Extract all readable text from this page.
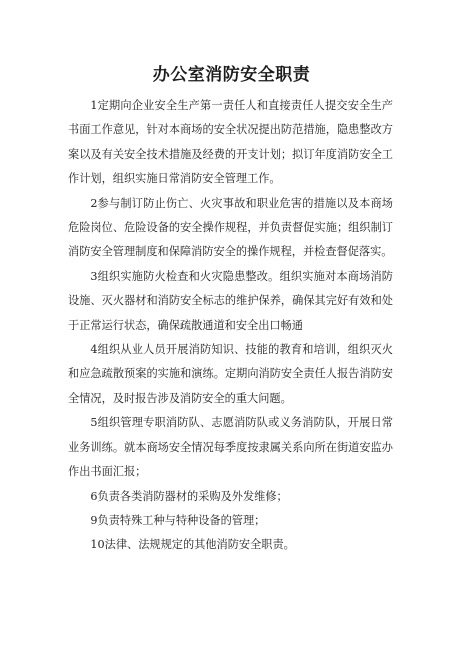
办公室消防安全职责

1定期向企业安全生产第一责任人和直接责任人提交安全生产书面工作意见，针对本商场的安全状况提出防范措施，隐患整改方案以及有关安全技术措施及经费的开支计划；拟订年度消防安全工作计划，组织实施日常消防安全管理工作。

2参与制订防止伤亡、火灾事故和职业危害的措施以及本商场危险岗位、危险设备的安全操作规程，并负责督促实施；组织制订消防安全管理制度和保障消防安全的操作规程，并检查督促落实。

3组织实施防火检查和火灾隐患整改。组织实施对本商场消防设施、灭火器材和消防安全标志的维护保养，确保其完好有效和处于正常运行状态，确保疏散通道和安全出口畅通

4组织从业人员开展消防知识、技能的教育和培训，组织灭火和应急疏散预案的实施和演练。定期向消防安全责任人报告消防安全情况，及时报告涉及消防安全的重大问题。

5组织管理专职消防队、志愿消防队或义务消防队，开展日常业务训练。就本商场安全情况每季度按隶属关系向所在街道安监办作出书面汇报；

6负责各类消防器材的采购及外发维修；

9负责特殊工种与特种设备的管理；

10法律、法规规定的其他消防安全职责。
